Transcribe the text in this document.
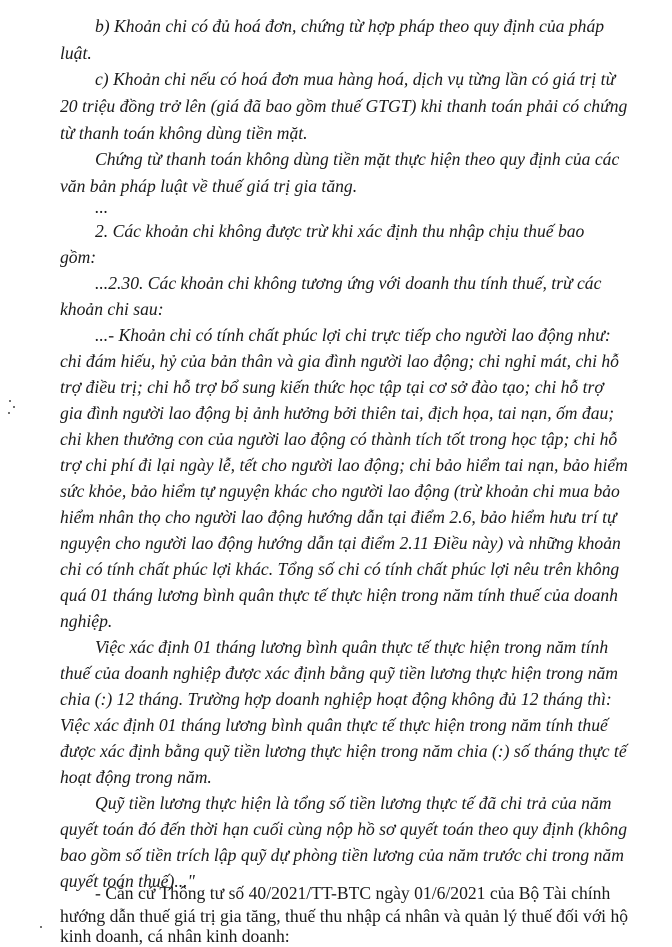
b) Khoản chi có đủ hoá đơn, chứng từ hợp pháp theo quy định của pháp
luật.
c) Khoản chi nếu có hoá đơn mua hàng hoá, dịch vụ từng lần có giá trị từ
20 triệu đồng trở lên (giá đã bao gồm thuế GTGT) khi thanh toán phải có chứng
từ thanh toán không dùng tiền mặt.
Chứng từ thanh toán không dùng tiền mặt thực hiện theo quy định của các
văn bản pháp luật về thuế giá trị gia tăng.
...
2. Các khoản chi không được trừ khi xác định thu nhập chịu thuế bao
gồm:
...2.30. Các khoản chi không tương ứng với doanh thu tính thuế, trừ các
khoản chi sau:
...- Khoản chi có tính chất phúc lợi chi trực tiếp cho người lao động như:
chi đám hiếu, hỷ của bản thân và gia đình người lao động; chi nghỉ mát, chi hỗ
trợ điều trị; chi hỗ trợ bổ sung kiến thức học tập tại cơ sở đào tạo; chi hỗ trợ
gia đình người lao động bị ảnh hưởng bởi thiên tai, địch họa, tai nạn, ốm đau;
chi khen thưởng con của người lao động có thành tích tốt trong học tập; chi hỗ
trợ chi phí đi lại ngày lễ, tết cho người lao động; chi bảo hiểm tai nạn, bảo hiểm
sức khỏe, bảo hiểm tự nguyện khác cho người lao động (trừ khoản chi mua bảo
hiểm nhân thọ cho người lao động hướng dẫn tại điểm 2.6, bảo hiểm hưu trí tự
nguyện cho người lao động hướng dẫn tại điểm 2.11 Điều này) và những khoản
chi có tính chất phúc lợi khác. Tổng số chi có tính chất phúc lợi nêu trên không
quá 01 tháng lương bình quân thực tế thực hiện trong năm tính thuế của doanh
nghiệp.
Việc xác định 01 tháng lương bình quân thực tế thực hiện trong năm tính
thuế của doanh nghiệp được xác định bằng quỹ tiền lương thực hiện trong năm
chia (:) 12 tháng. Trường hợp doanh nghiệp hoạt động không đủ 12 tháng thì:
Việc xác định 01 tháng lương bình quân thực tế thực hiện trong năm tính thuế
được xác định bằng quỹ tiền lương thực hiện trong năm chia (:) số tháng thực tế
hoạt động trong năm.
Quỹ tiền lương thực hiện là tổng số tiền lương thực tế đã chi trả của năm
quyết toán đó đến thời hạn cuối cùng nộp hồ sơ quyết toán theo quy định (không
bao gồm số tiền trích lập quỹ dự phòng tiền lương của năm trước chi trong năm
quyết toán thuế)..."
- Căn cứ Thông tư số 40/2021/TT-BTC ngày 01/6/2021 của Bộ Tài chính
hướng dẫn thuế giá trị gia tăng, thuế thu nhập cá nhân và quản lý thuế đối với hộ
kinh doanh, cá nhân kinh doanh:
